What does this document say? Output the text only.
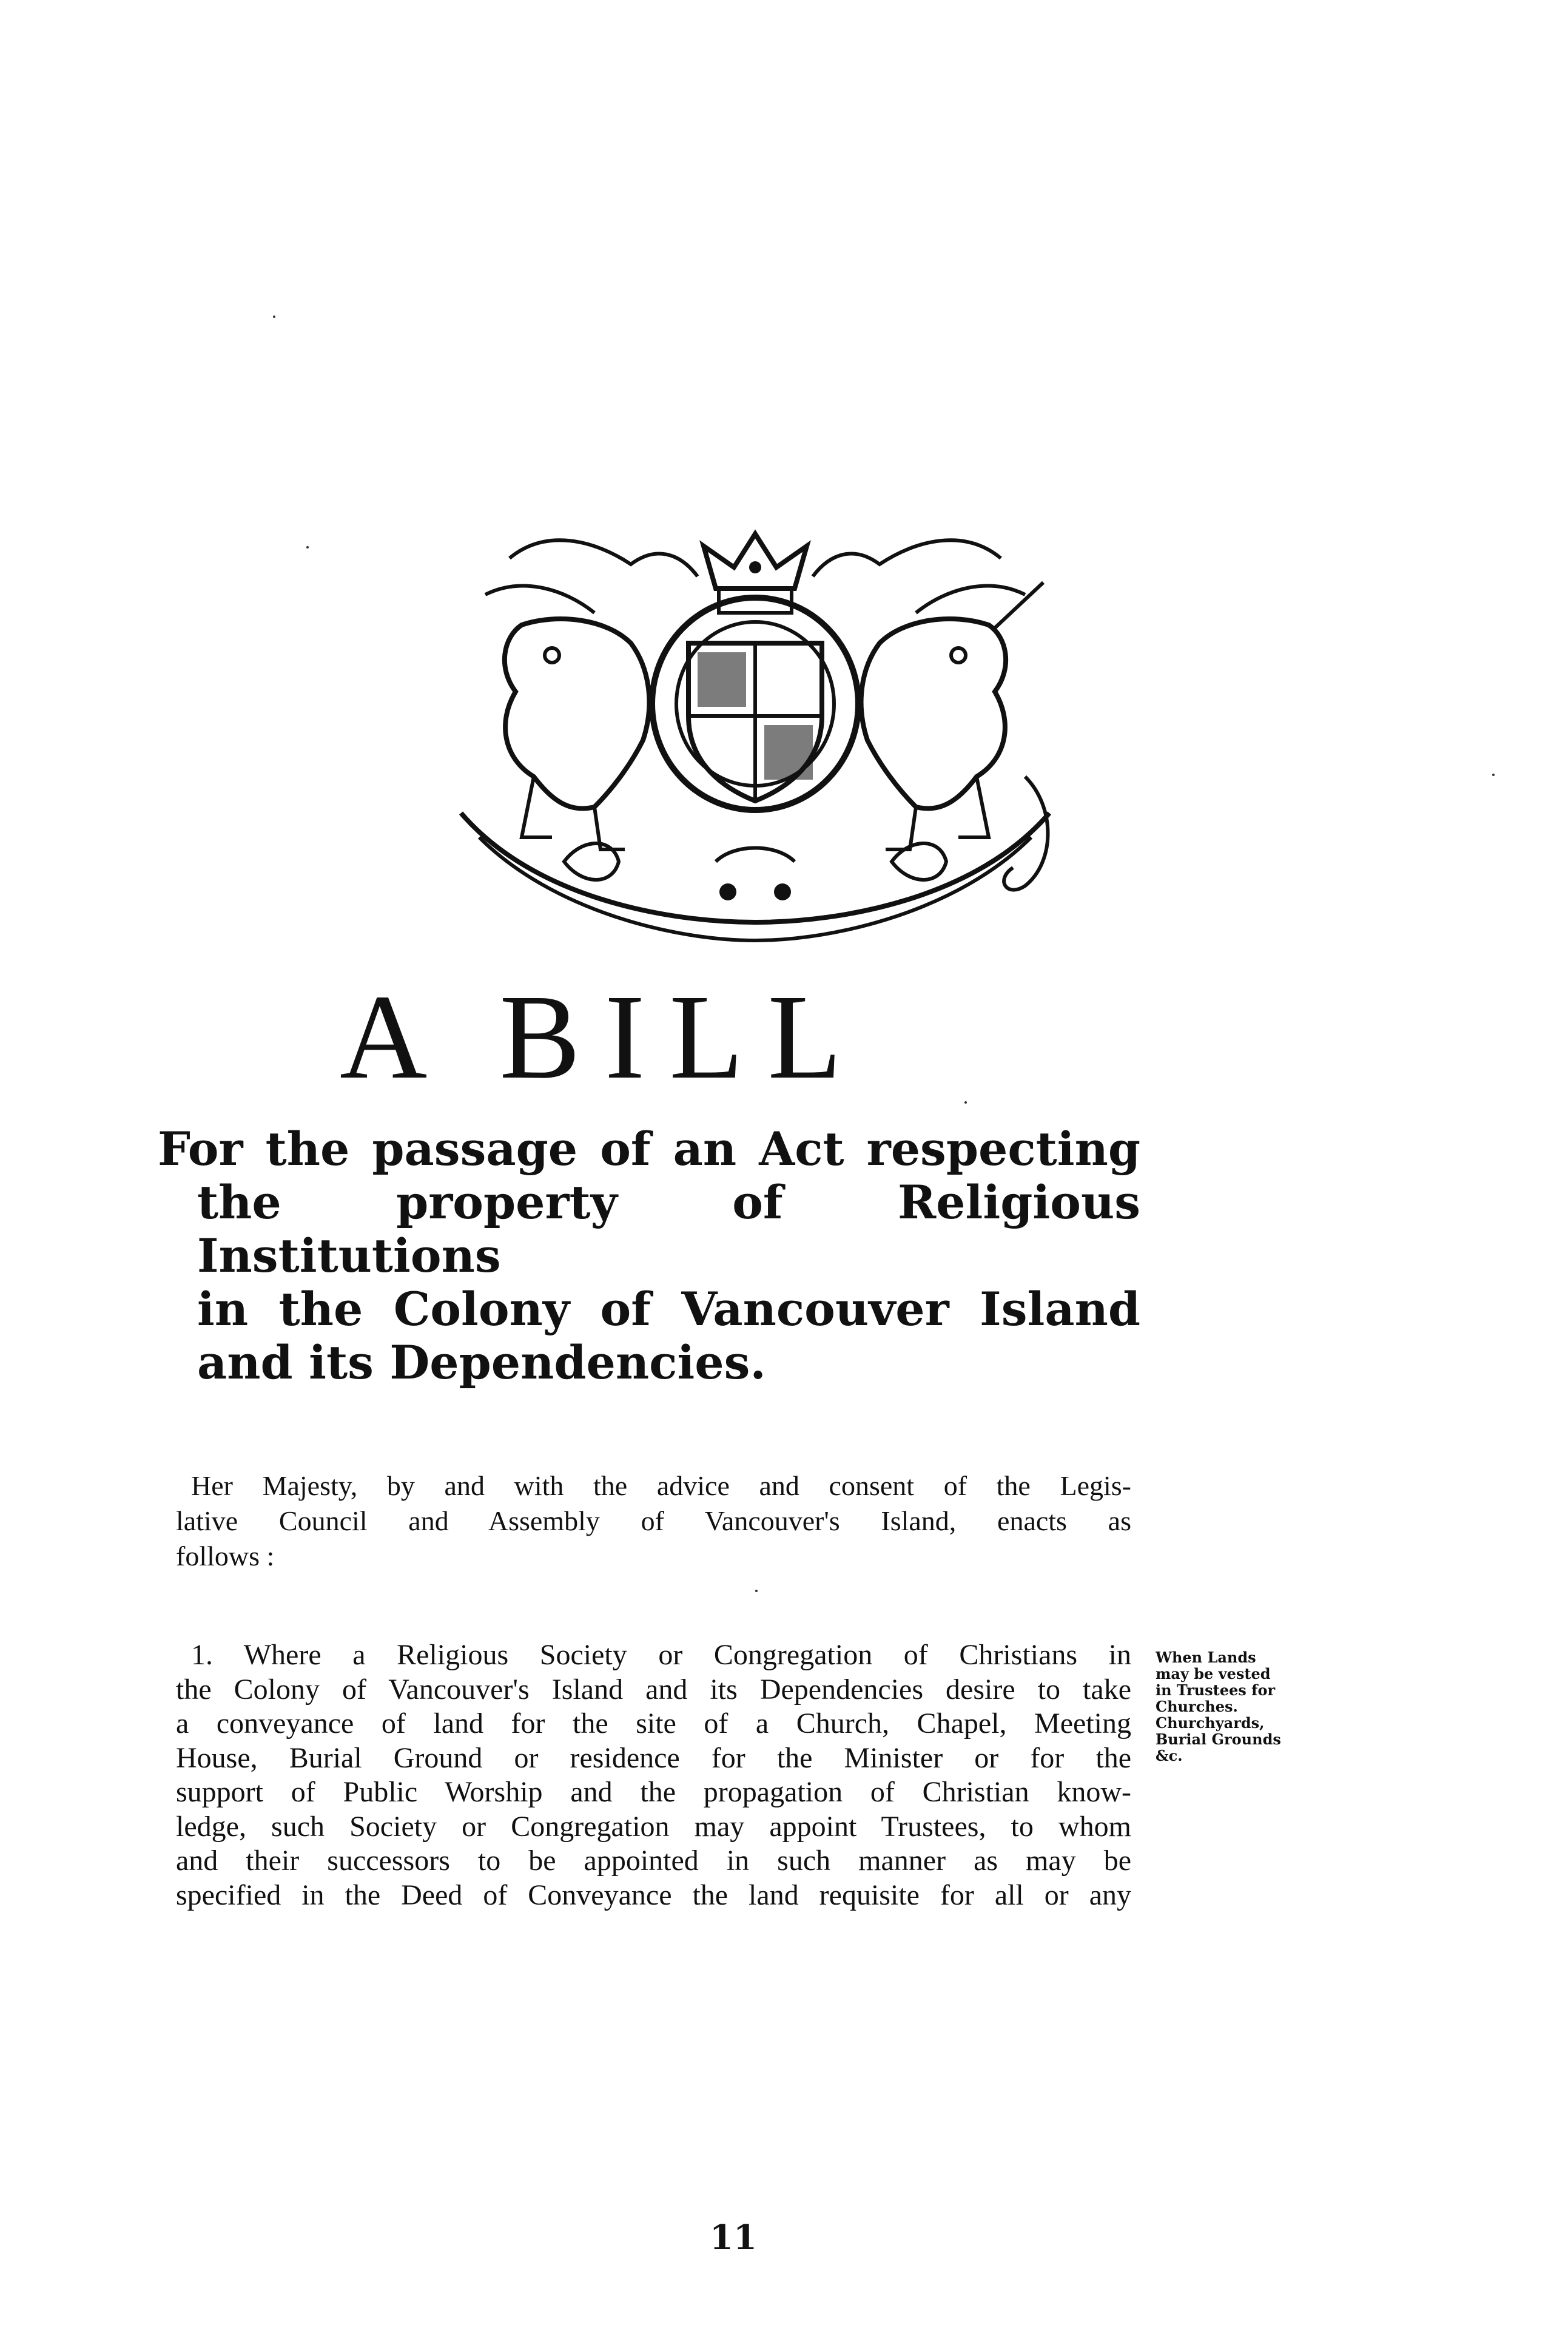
A BILL
For the passage of an Act respecting
the property of Religious Institutions
in the Colony of Vancouver Island
and its Dependencies.

Her Majesty, by and with the advice and consent of the Legis-
lative Council and Assembly of Vancouver's Island, enacts as
follows :

1. Where a Religious Society or Congregation of Christians in
the Colony of Vancouver's Island and its Dependencies desire to take
a conveyance of land for the site of a Church, Chapel, Meeting
House, Burial Ground or residence for the Minister or for the
support of Public Worship and the propagation of Christian know-
ledge, such Society or Congregation may appoint Trustees, to whom
and their successors to be appointed in such manner as may be
specified in the Deed of Conveyance the land requisite for all or any

When Lands
may be vested
in Trustees for
Churches.
Churchyards,
Burial Grounds
&c.
11
